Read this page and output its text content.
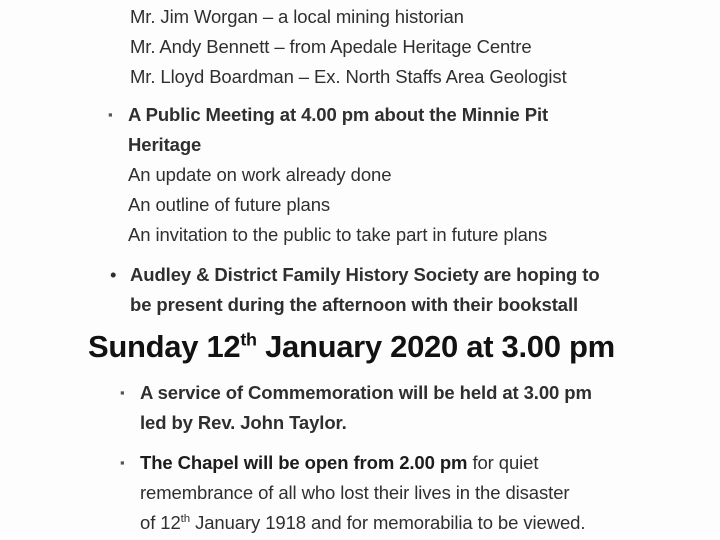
Mr. Jim Worgan – a local mining historian
Mr. Andy Bennett – from Apedale Heritage Centre
Mr. Lloyd Boardman – Ex. North Staffs Area Geologist
▪ A Public Meeting at 4.00 pm about the Minnie Pit
Heritage
An update on work already done
An outline of future plans
An invitation to the public to take part in future plans
• Audley & District Family History Society are hoping to
be present during the afternoon with their bookstall
Sunday 12th January 2020 at 3.00 pm
▪ A service of Commemoration will be held at 3.00 pm
led by Rev. John Taylor.
▪ The Chapel will be open from 2.00 pm for quiet
remembrance of all who lost their lives in the disaster
of 12th January 1918 and for memorabilia to be viewed.
